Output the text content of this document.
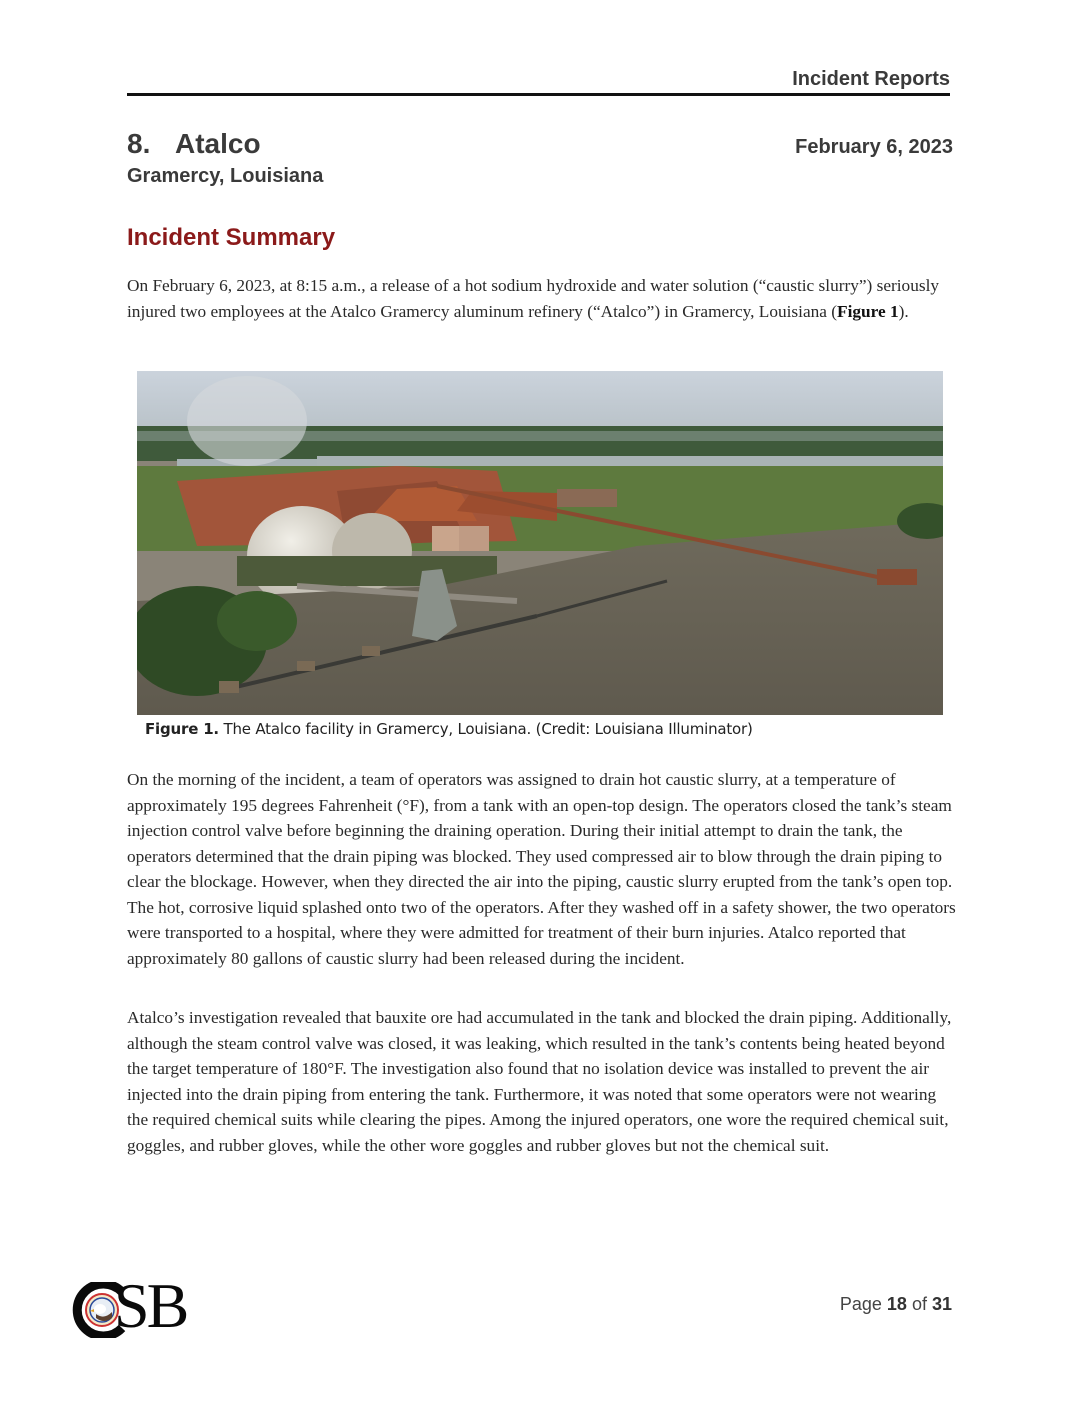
Incident Reports
8. Atalco	February 6, 2023
Gramercy, Louisiana
Incident Summary

On February 6, 2023, at 8:15 a.m., a release of a hot sodium hydroxide and water solution (“caustic slurry”) seriously injured two employees at the Atalco Gramercy aluminum refinery (“Atalco”) in Gramercy, Louisiana (Figure 1).

Figure 1. The Atalco facility in Gramercy, Louisiana. (Credit: Louisiana Illuminator)

On the morning of the incident, a team of operators was assigned to drain hot caustic slurry, at a temperature of approximately 195 degrees Fahrenheit (°F), from a tank with an open-top design. The operators closed the tank’s steam injection control valve before beginning the draining operation. During their initial attempt to drain the tank, the operators determined that the drain piping was blocked. They used compressed air to blow through the drain piping to clear the blockage. However, when they directed the air into the piping, caustic slurry erupted from the tank’s open top. The hot, corrosive liquid splashed onto two of the operators. After they washed off in a safety shower, the two operators were transported to a hospital, where they were admitted for treatment of their burn injuries. Atalco reported that approximately 80 gallons of caustic slurry had been released during the incident.

Atalco’s investigation revealed that bauxite ore had accumulated in the tank and blocked the drain piping. Additionally, although the steam control valve was closed, it was leaking, which resulted in the tank’s contents being heated beyond the target temperature of 180°F. The investigation also found that no isolation device was installed to prevent the air injected into the drain piping from entering the tank. Furthermore, it was noted that some operators were not wearing the required chemical suits while clearing the pipes. Among the injured operators, one wore the required chemical suit, goggles, and rubber gloves, while the other wore goggles and rubber gloves but not the chemical suit.

SB	Page 18 of 31
